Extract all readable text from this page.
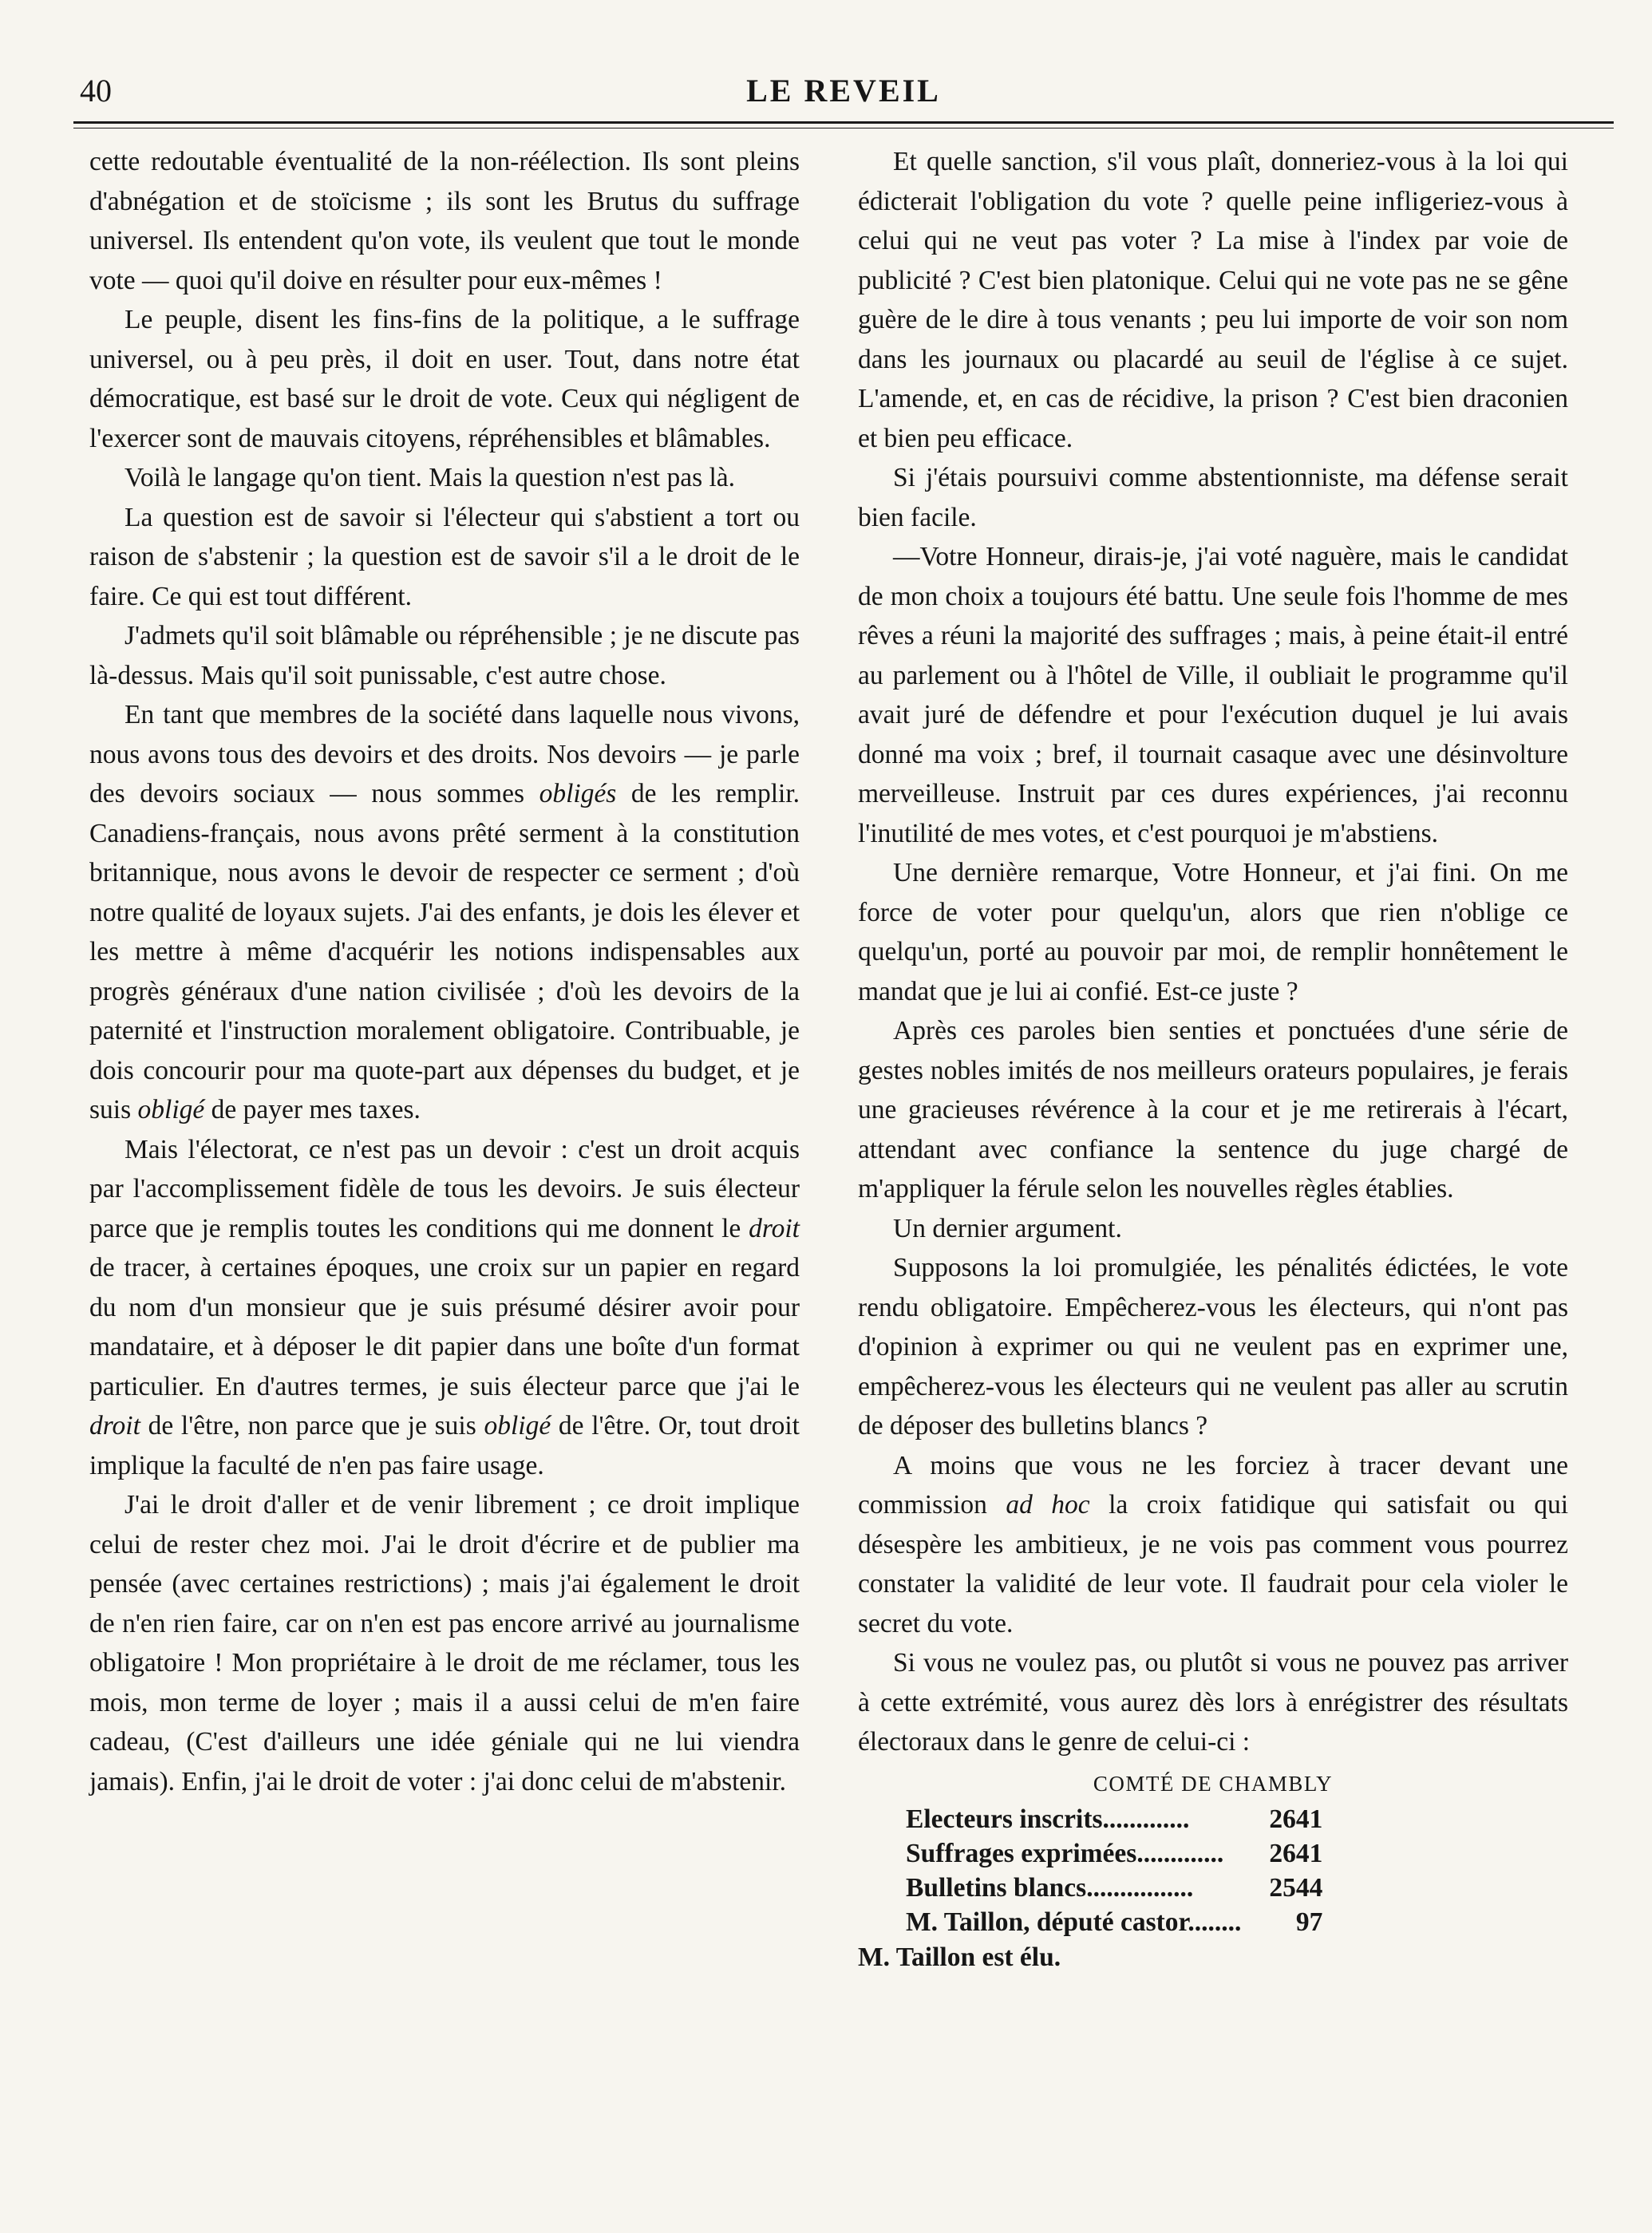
40	LE REVEIL

cette redoutable éventualité de la non-réélection. Ils sont pleins d'abnégation et de stoïcisme ; ils sont les Brutus du suffrage universel. Ils entendent qu'on vote, ils veulent que tout le monde vote — quoi qu'il doive en résulter pour eux-mêmes !

Le peuple, disent les fins-fins de la politique, a le suffrage universel, ou à peu près, il doit en user. Tout, dans notre état démocratique, est basé sur le droit de vote. Ceux qui négligent de l'exercer sont de mauvais citoyens, répréhensibles et blâmables.

Voilà le langage qu'on tient. Mais la question n'est pas là.

La question est de savoir si l'électeur qui s'abstient a tort ou raison de s'abstenir ; la question est de savoir s'il a le droit de le faire. Ce qui est tout différent.

J'admets qu'il soit blâmable ou répréhensible ; je ne discute pas là-dessus. Mais qu'il soit punissable, c'est autre chose.

En tant que membres de la société dans laquelle nous vivons, nous avons tous des devoirs et des droits. Nos devoirs — je parle des devoirs sociaux — nous sommes obligés de les remplir. Canadiens-français, nous avons prêté serment à la constitution britannique, nous avons le devoir de respecter ce serment ; d'où notre qualité de loyaux sujets. J'ai des enfants, je dois les élever et les mettre à même d'acquérir les notions indispensables aux progrès généraux d'une nation civilisée ; d'où les devoirs de la paternité et l'instruction moralement obligatoire. Contribuable, je dois concourir pour ma quote-part aux dépenses du budget, et je suis obligé de payer mes taxes.

Mais l'électorat, ce n'est pas un devoir : c'est un droit acquis par l'accomplissement fidèle de tous les devoirs. Je suis électeur parce que je remplis toutes les conditions qui me donnent le droit de tracer, à certaines époques, une croix sur un papier en regard du nom d'un monsieur que je suis présumé désirer avoir pour mandataire, et à déposer le dit papier dans une boîte d'un format particulier. En d'autres termes, je suis électeur parce que j'ai le droit de l'être, non parce que je suis obligé de l'être. Or, tout droit implique la faculté de n'en pas faire usage.

J'ai le droit d'aller et de venir librement ; ce droit implique celui de rester chez moi. J'ai le droit d'écrire et de publier ma pensée (avec certaines restrictions) ; mais j'ai également le droit de n'en rien faire, car on n'en est pas encore arrivé au journalisme obligatoire ! Mon propriétaire à le droit de me réclamer, tous les mois, mon terme de loyer ; mais il a aussi celui de m'en faire cadeau, (C'est d'ailleurs une idée géniale qui ne lui viendra jamais). Enfin, j'ai le droit de voter : j'ai donc celui de m'abstenir.

Et quelle sanction, s'il vous plaît, donneriez-vous à la loi qui édicterait l'obligation du vote ? quelle peine infligeriez-vous à celui qui ne veut pas voter ? La mise à l'index par voie de publicité ? C'est bien platonique. Celui qui ne vote pas ne se gêne guère de le dire à tous venants ; peu lui importe de voir son nom dans les journaux ou placardé au seuil de l'église à ce sujet. L'amende, et, en cas de récidive, la prison ? C'est bien draconien et bien peu efficace.

Si j'étais poursuivi comme abstentionniste, ma défense serait bien facile.

—Votre Honneur, dirais-je, j'ai voté naguère, mais le candidat de mon choix a toujours été battu. Une seule fois l'homme de mes rêves a réuni la majorité des suffrages ; mais, à peine était-il entré au parlement ou à l'hôtel de Ville, il oubliait le programme qu'il avait juré de défendre et pour l'exécution duquel je lui avais donné ma voix ; bref, il tournait casaque avec une désinvolture merveilleuse. Instruit par ces dures expériences, j'ai reconnu l'inutilité de mes votes, et c'est pourquoi je m'abstiens.

Une dernière remarque, Votre Honneur, et j'ai fini. On me force de voter pour quelqu'un, alors que rien n'oblige ce quelqu'un, porté au pouvoir par moi, de remplir honnêtement le mandat que je lui ai confié. Est-ce juste ?

Après ces paroles bien senties et ponctuées d'une série de gestes nobles imités de nos meilleurs orateurs populaires, je ferais une gracieuses révérence à la cour et je me retirerais à l'écart, attendant avec confiance la sentence du juge chargé de m'appliquer la férule selon les nouvelles règles établies.

Un dernier argument.

Supposons la loi promulgiée, les pénalités édictées, le vote rendu obligatoire. Empêcherez-vous les électeurs, qui n'ont pas d'opinion à exprimer ou qui ne veulent pas en exprimer une, empêcherez-vous les électeurs qui ne veulent pas aller au scrutin de déposer des bulletins blancs ?

A moins que vous ne les forciez à tracer devant une commission ad hoc la croix fatidique qui satisfait ou qui désespère les ambitieux, je ne vois pas comment vous pourrez constater la validité de leur vote. Il faudrait pour cela violer le secret du vote.

Si vous ne voulez pas, ou plutôt si vous ne pouvez pas arriver à cette extrémité, vous aurez dès lors à enrégistrer des résultats électoraux dans le genre de celui-ci :

COMTÉ DE CHAMBLY
Electeurs inscrits.............	2641
Suffrages exprimées.............	2641
Bulletins blancs................	2544
M. Taillon, député castor........	97
M. Taillon est élu.
